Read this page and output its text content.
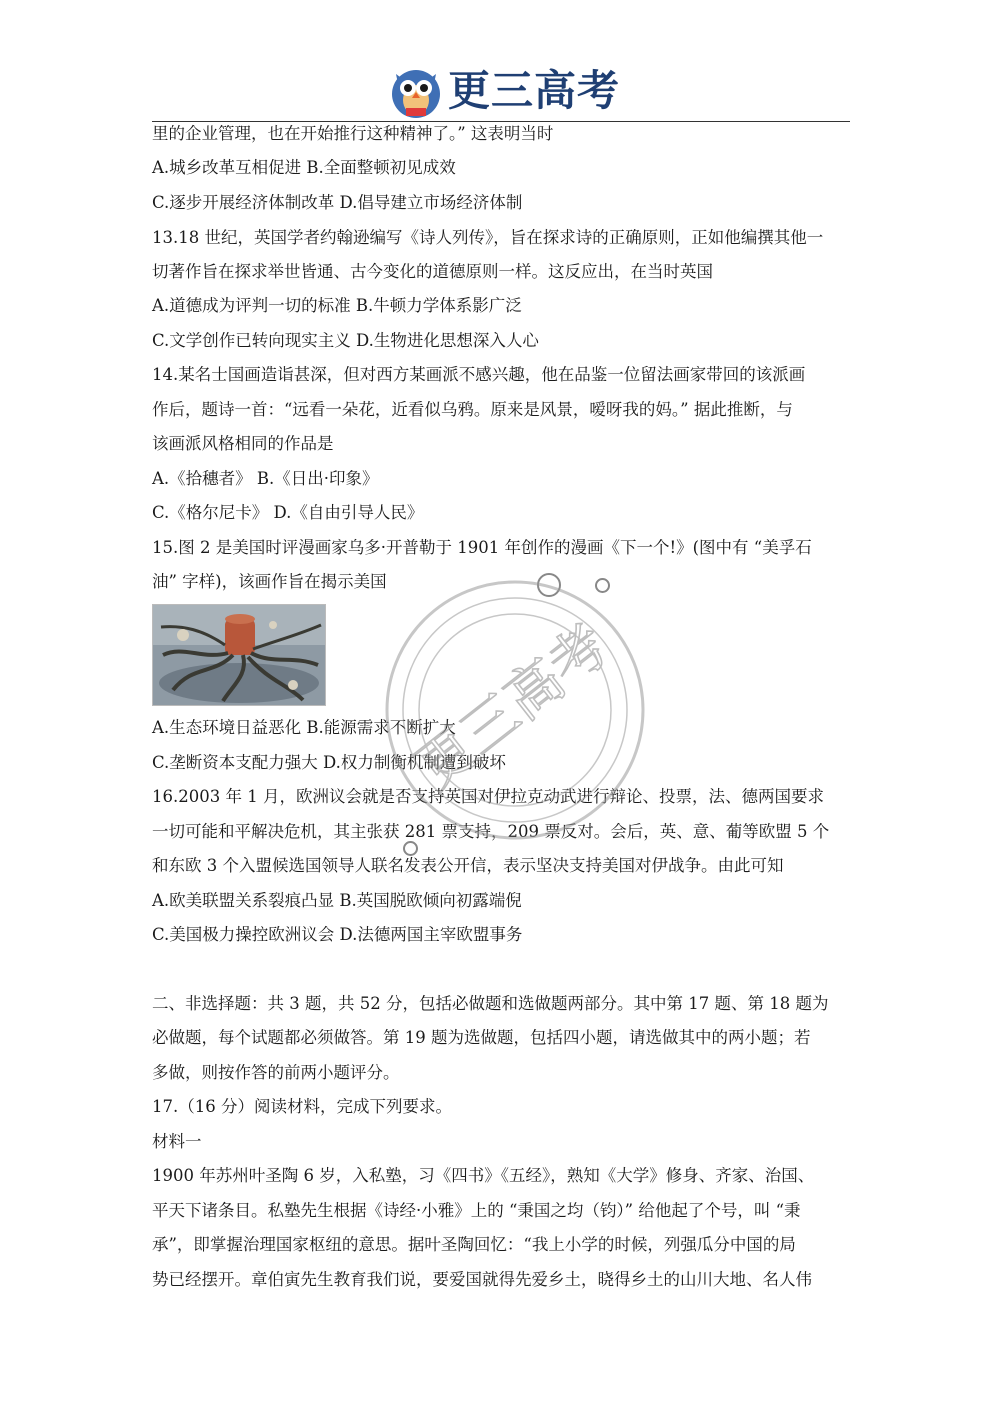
更三高考
里的企业管理，也在开始推行这种精神了。” 这表明当时
A.城乡改革互相促进 B.全面整顿初见成效
C.逐步开展经济体制改革 D.倡导建立市场经济体制
13.18 世纪，英国学者约翰逊编写《诗人列传》，旨在探求诗的正确原则，正如他编撰其他一
切著作旨在探求举世皆通、古今变化的道德原则一样。这反应出，在当时英国
A.道德成为评判一切的标准 B.牛顿力学体系影广泛
C.文学创作已转向现实主义 D.生物进化思想深入人心
14.某名士国画造诣甚深，但对西方某画派不感兴趣，他在品鉴一位留法画家带回的该派画
作后，题诗一首：“远看一朵花，近看似乌鸦。原来是风景，嗳呀我的妈。” 据此推断，与
该画派风格相同的作品是
A.《拾穗者》 B.《日出·印象》
C.《格尔尼卡》 D.《自由引导人民》
15.图 2 是美国时评漫画家乌多·开普勒于 1901 年创作的漫画《下一个!》(图中有 “美孚石
油” 字样)，该画作旨在揭示美国
A.生态环境日益恶化 B.能源需求不断扩大
C.垄断资本支配力强大 D.权力制衡机制遭到破坏
16.2003 年 1 月，欧洲议会就是否支持英国对伊拉克动武进行辩论、投票，法、德两国要求
一切可能和平解决危机，其主张获 281 票支持，209 票反对。会后，英、意、葡等欧盟 5 个
和东欧 3 个入盟候选国领导人联名发表公开信，表示坚决支持美国对伊战争。由此可知
A.欧美联盟关系裂痕凸显 B.英国脱欧倾向初露端倪
C.美国极力操控欧洲议会 D.法德两国主宰欧盟事务
二、非选择题：共 3 题，共 52 分，包括必做题和选做题两部分。其中第 17 题、第 18 题为
必做题，每个试题都必须做答。第 19 题为选做题，包括四小题，请选做其中的两小题；若
多做，则按作答的前两小题评分。
17.（16 分）阅读材料，完成下列要求。
材料一
1900 年苏州叶圣陶 6 岁，入私塾，习《四书》《五经》，熟知《大学》修身、齐家、治国、
平天下诸条目。私塾先生根据《诗经·小雅》上的 “秉国之均（钧）” 给他起了个号，叫 “秉
承”，即掌握治理国家枢纽的意思。据叶圣陶回忆：“我上小学的时候，列强瓜分中国的局
势已经摆开。章伯寅先生教育我们说，要爱国就得先爱乡土，晓得乡土的山川大地、名人伟
更三高考
